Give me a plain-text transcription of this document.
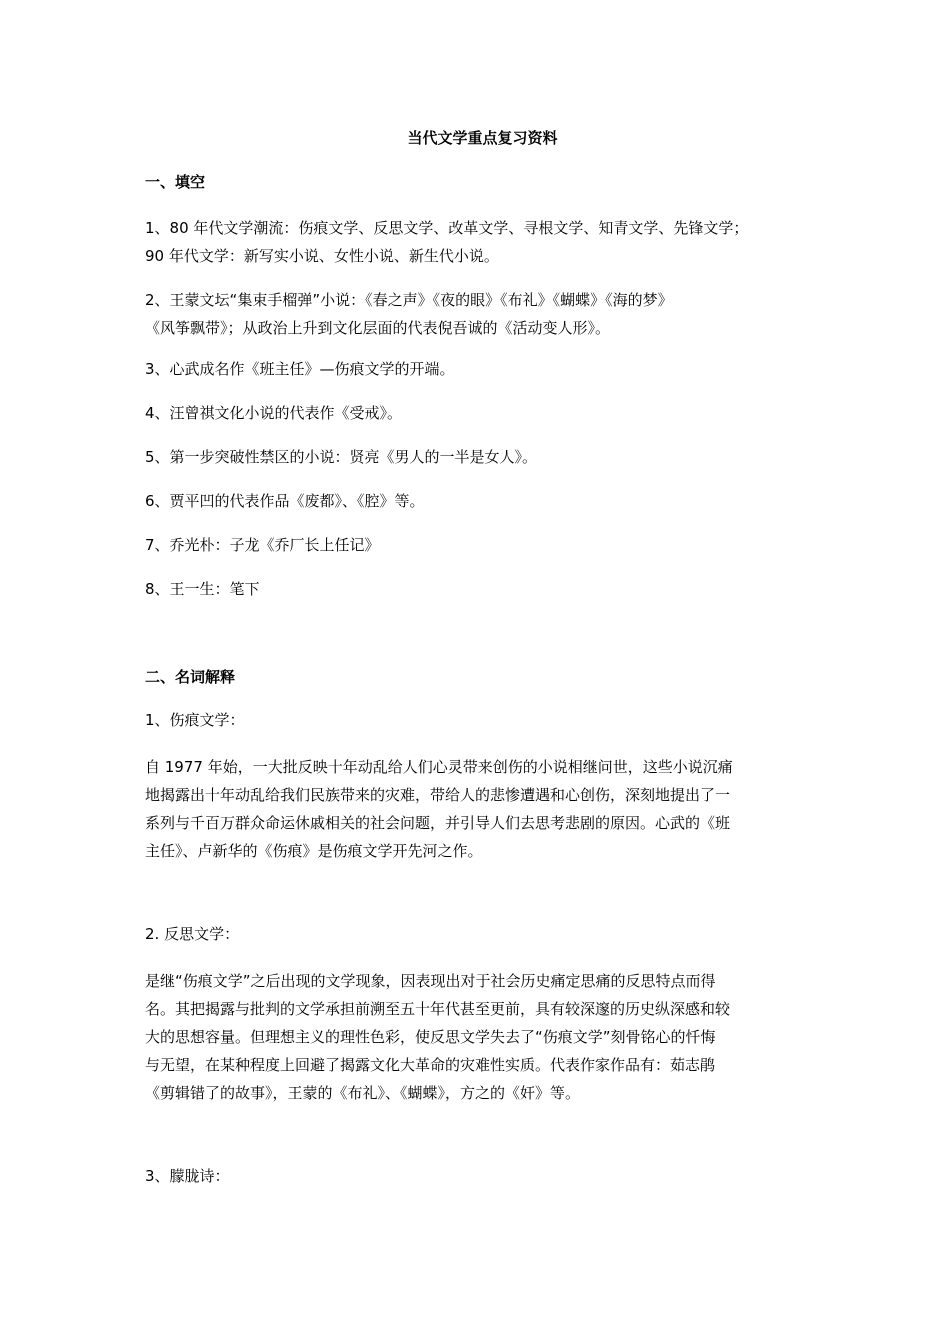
当代文学重点复习资料
一、填空
1、80 年代文学潮流：伤痕文学、反思文学、改革文学、寻根文学、知青文学、先锋文学；
90 年代文学：新写实小说、女性小说、新生代小说。
2、王蒙文坛“集束手榴弹”小说：《春之声》《夜的眼》《布礼》《蝴蝶》《海的梦》
《风筝飘带》；从政治上升到文化层面的代表倪吾诚的《活动变人形》。
3、心武成名作《班主任》—伤痕文学的开端。
4、汪曾祺文化小说的代表作《受戒》。
5、第一步突破性禁区的小说：贤亮《男人的一半是女人》。
6、贾平凹的代表作品《废都》、《腔》等。
7、乔光朴：子龙《乔厂长上任记》
8、王一生：笔下
二、名词解释
1、伤痕文学：
自 1977 年始，一大批反映十年动乱给人们心灵带来创伤的小说相继问世，这些小说沉痛
地揭露出十年动乱给我们民族带来的灾难，带给人的悲惨遭遇和心创伤，深刻地提出了一
系列与千百万群众命运休戚相关的社会问题，并引导人们去思考悲剧的原因。心武的《班
主任》、卢新华的《伤痕》是伤痕文学开先河之作。
2. 反思文学：
是继“伤痕文学”之后出现的文学现象，因表现出对于社会历史痛定思痛的反思特点而得
名。其把揭露与批判的文学承担前溯至五十年代甚至更前，具有较深邃的历史纵深感和较
大的思想容量。但理想主义的理性色彩，使反思文学失去了“伤痕文学”刻骨铭心的忏悔
与无望，在某种程度上回避了揭露文化大革命的灾难性实质。代表作家作品有：茹志鹃
《剪辑错了的故事》，王蒙的《布礼》、《蝴蝶》，方之的《奸》等。
3、朦胧诗：
